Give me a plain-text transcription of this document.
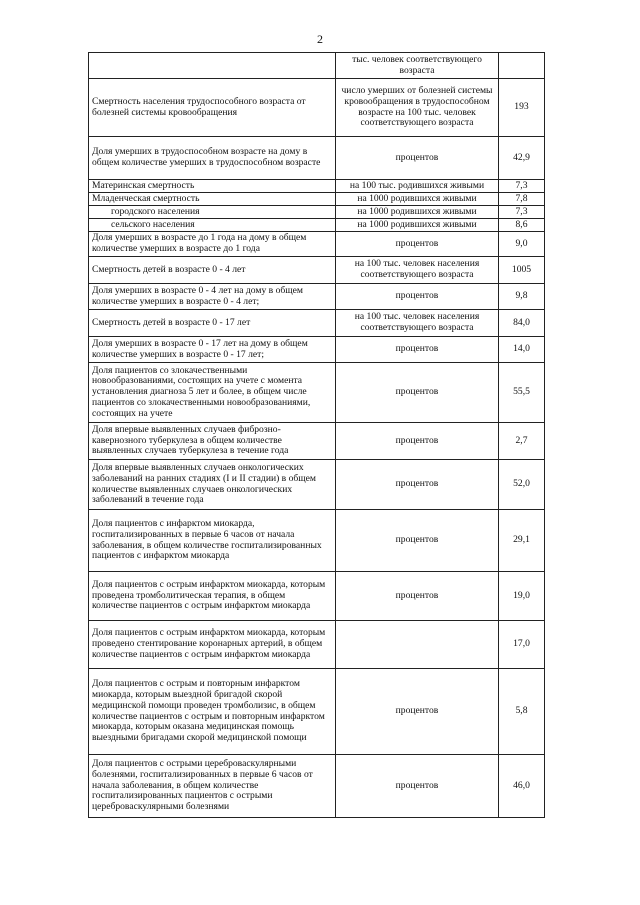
2
	тыс. человек соответствующего возраста	
Смертность населения трудоспособного возраста от болезней системы кровообращения	число умерших от болезней системы кровообращения в трудоспособном возрасте на 100 тыс. человек соответствующего возраста	193
Доля умерших в трудоспособном возрасте на дому в общем количестве умерших в трудоспособном возрасте	процентов	42,9
Материнская смертность	на 100 тыс. родившихся живыми	7,3
Младенческая смертность	на 1000 родившихся живыми	7,8
городского населения	на 1000 родившихся живыми	7,3
сельского населения	на 1000 родившихся живыми	8,6
Доля умерших в возрасте до 1 года на дому в общем количестве умерших в возрасте до 1 года	процентов	9,0
Смертность детей в возрасте 0 - 4 лет	на 100 тыс. человек населения соответствующего возраста	1005
Доля умерших в возрасте 0 - 4 лет на дому в общем количестве умерших в возрасте 0 - 4 лет;	процентов	9,8
Смертность детей в возрасте 0 - 17 лет	на 100 тыс. человек населения соответствующего возраста	84,0
Доля умерших в возрасте 0 - 17 лет на дому в общем количестве умерших в возрасте 0 - 17 лет;	процентов	14,0
Доля пациентов со злокачественными новообразованиями, состоящих на учете с момента установления диагноза 5 лет и более, в общем числе пациентов со злокачественными новообразованиями, состоящих на учете	процентов	55,5
Доля впервые выявленных случаев фиброзно-кавернозного туберкулеза в общем количестве выявленных случаев туберкулеза в течение года	процентов	2,7
Доля впервые выявленных случаев онкологических заболеваний на ранних стадиях (I и II стадии) в общем количестве выявленных случаев онкологических заболеваний в течение года	процентов	52,0
Доля пациентов с инфарктом миокарда, госпитализированных в первые 6 часов от начала заболевания, в общем количестве госпитализированных пациентов с инфарктом миокарда	процентов	29,1
Доля пациентов с острым инфарктом миокарда, которым проведена тромболитическая терапия, в общем количестве пациентов с острым инфарктом миокарда	процентов	19,0
Доля пациентов с острым инфарктом миокарда, которым проведено стентирование коронарных артерий, в общем количестве пациентов с острым инфарктом миокарда		17,0
Доля пациентов с острым и повторным инфарктом миокарда, которым выездной бригадой скорой медицинской помощи проведен тромболизис, в общем количестве пациентов с острым и повторным инфарктом миокарда, которым оказана медицинская помощь выездными бригадами скорой медицинской помощи	процентов	5,8
Доля пациентов с острыми цереброваскулярными болезнями, госпитализированных в первые 6 часов от начала заболевания, в общем количестве госпитализированных пациентов с острыми цереброваскулярными болезнями	процентов	46,0
